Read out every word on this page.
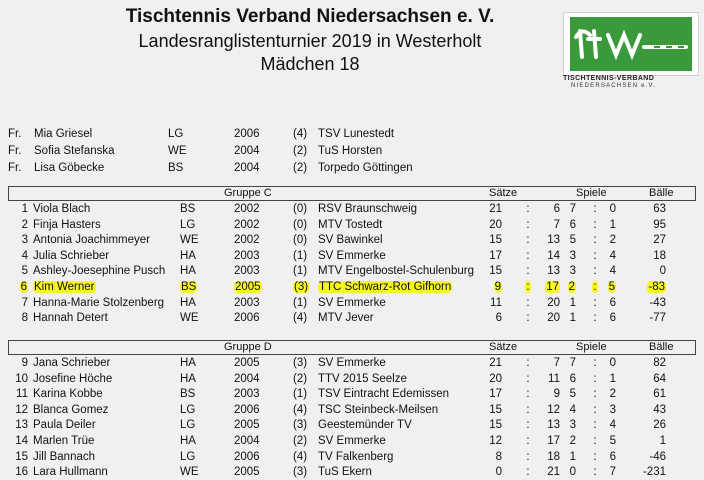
Tischtennis Verband Niedersachsen e. V.
Landesranglistenturnier 2019 in Westerholt
Mädchen 18
TISCHTENNIS-VERBAND
NIEDERSACHSEN e.V.
Fr. Mia Griesel	LG	2006	(4) TSV Lunestedt
Fr. Sofia Stefanska	WE	2004	(2) TuS Horsten
Fr. Lisa Göbecke	BS	2004	(2) Torpedo Göttingen
Gruppe C	Sätze	Spiele	Bälle
1 Viola Blach	BS	2002	(0) RSV Braunschweig	21 :	6 7 :	0	63
2 Finja Hasters	LG	2002	(0) MTV Tostedt	20 :	7 6 :	1	95
3 Antonia Joachimmeyer	WE	2002	(0) SV Bawinkel	15 :	13 5 :	2	27
4 Julia Schrieber	HA	2003	(1) SV Emmerke	17 :	14 3 :	4	18
5 Ashley-Joesephine Pusch HA	2003	(1) MTV Engelbostel-Schulenburg	15 :	13 3 :	4	0
6 Kim Werner	BS	2005	(3) TTC Schwarz-Rot Gifhorn	9 :	17 2 :	5	-83
7 Hanna-Marie Stolzenberg HA	2003	(1) SV Emmerke	11 :	20 1 :	6	-43
8 Hannah Detert	WE	2006	(4) MTV Jever	6 :	20 1 :	6	-77
Gruppe D	Sätze	Spiele	Bälle
9 Jana Schrieber	HA	2005	(3) SV Emmerke	21 :	7 7 :	0	82
10 Josefine Höche	HA	2004	(2) TTV 2015 Seelze	20 :	11 6 :	1	64
11 Karina Kobbe	BS	2003	(1) TSV Eintracht Edemissen	17 :	9 5 :	2	61
12 Blanca Gomez	LG	2006	(4) TSC Steinbeck-Meilsen	15 :	12 4 :	3	43
13 Paula Deiler	LG	2005	(3) Geestemünder TV	15 :	13 3 :	4	26
14 Marlen Trüe	HA	2004	(2) SV Emmerke	12 :	17 2 :	5	1
15 Jill Bannach	LG	2006	(4) TV Falkenberg	8 :	18 1 :	6	-46
16 Lara Hullmann	WE	2005	(3) TuS Ekern	0 :	21 0 :	7	-231
